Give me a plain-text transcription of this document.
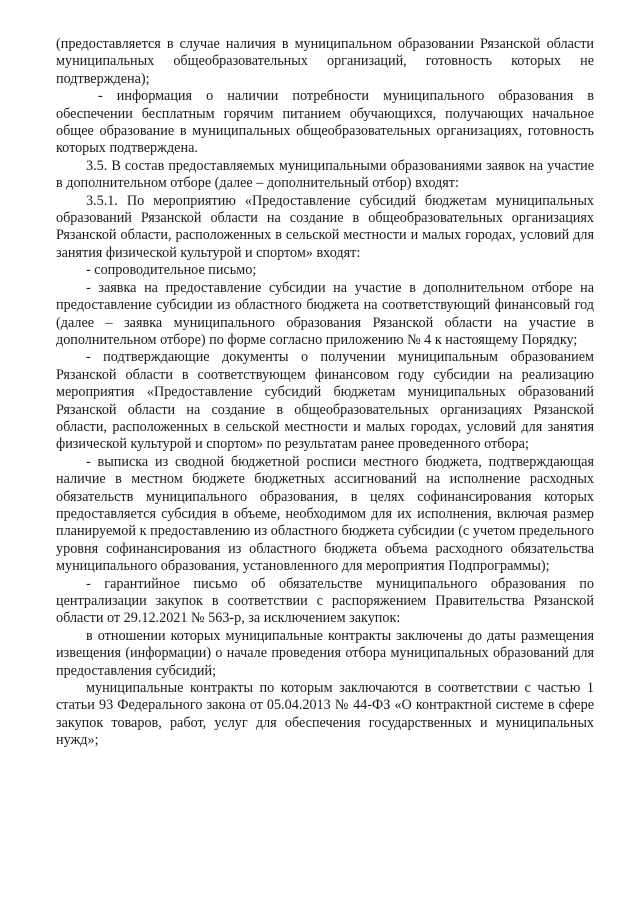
(предоставляется в случае наличия в муниципальном образовании Рязанской области муниципальных общеобразовательных организаций, готовность которых не подтверждена);

- информация о наличии потребности муниципального образования в обеспечении бесплатным горячим питанием обучающихся, получающих начальное общее образование в муниципальных общеобразовательных организациях, готовность которых подтверждена.

3.5. В состав предоставляемых муниципальными образованиями заявок на участие в дополнительном отборе (далее – дополнительный отбор) входят:

3.5.1. По мероприятию «Предоставление субсидий бюджетам муниципальных образований Рязанской области на создание в общеобразовательных организациях Рязанской области, расположенных в сельской местности и малых городах, условий для занятия физической культурой и спортом» входят:

- сопроводительное письмо;

- заявка на предоставление субсидии на участие в дополнительном отборе на предоставление субсидии из областного бюджета на соответствующий финансовый год (далее – заявка муниципального образования Рязанской области на участие в дополнительном отборе) по форме согласно приложению № 4 к настоящему Порядку;

- подтверждающие документы о получении муниципальным образованием Рязанской области в соответствующем финансовом году субсидии на реализацию мероприятия «Предоставление субсидий бюджетам муниципальных образований Рязанской области на создание в общеобразовательных организациях Рязанской области, расположенных в сельской местности и малых городах, условий для занятия физической культурой и спортом» по результатам ранее проведенного отбора;

- выписка из сводной бюджетной росписи местного бюджета, подтверждающая наличие в местном бюджете бюджетных ассигнований на исполнение расходных обязательств муниципального образования, в целях софинансирования которых предоставляется субсидия в объеме, необходимом для их исполнения, включая размер планируемой к предоставлению из областного бюджета субсидии (с учетом предельного уровня софинансирования из областного бюджета объема расходного обязательства муниципального образования, установленного для мероприятия Подпрограммы);

- гарантийное письмо об обязательстве муниципального образования по централизации закупок в соответствии с распоряжением Правительства Рязанской области от 29.12.2021 № 563-р, за исключением закупок:

в отношении которых муниципальные контракты заключены до даты размещения извещения (информации) о начале проведения отбора муниципальных образований для предоставления субсидий;

муниципальные контракты по которым заключаются в соответствии с частью 1 статьи 93 Федерального закона от 05.04.2013 № 44-ФЗ «О контрактной системе в сфере закупок товаров, работ, услуг для обеспечения государственных и муниципальных нужд»;
